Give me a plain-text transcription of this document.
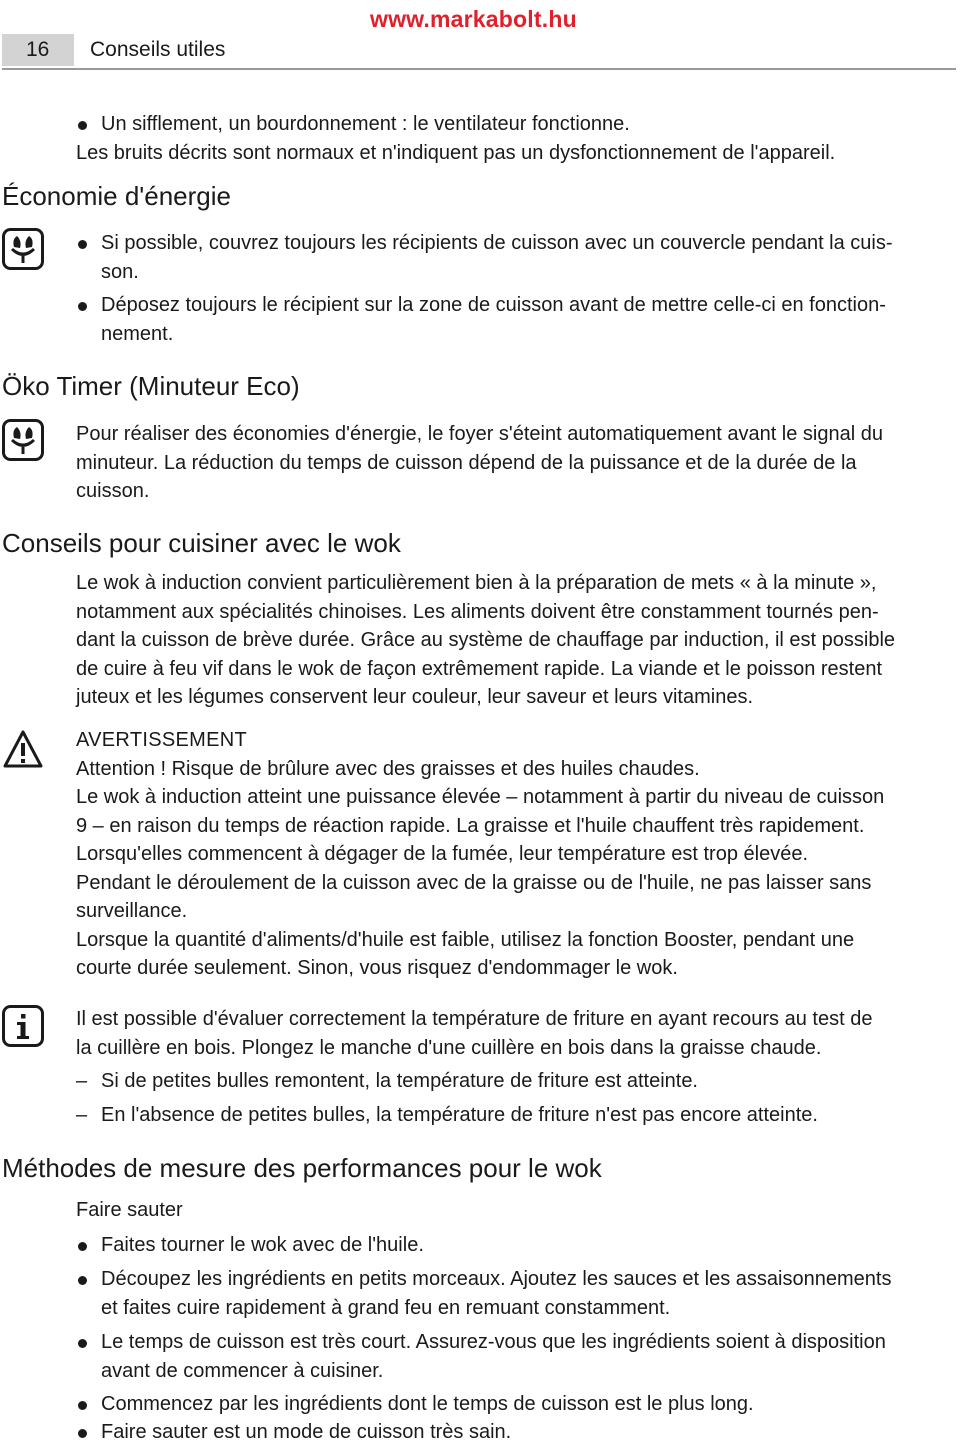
www.markabolt.hu
16	Conseils utiles
Un sifflement, un bourdonnement : le ventilateur fonctionne.
Les bruits décrits sont normaux et n'indiquent pas un dysfonctionnement de l'appareil.
Économie d'énergie
Si possible, couvrez toujours les récipients de cuisson avec un couvercle pendant la cuis-
son.
Déposez toujours le récipient sur la zone de cuisson avant de mettre celle-ci en fonction-
nement.
Öko Timer (Minuteur Eco)
Pour réaliser des économies d'énergie, le foyer s'éteint automatiquement avant le signal du
minuteur. La réduction du temps de cuisson dépend de la puissance et de la durée de la
cuisson.
Conseils pour cuisiner avec le wok
Le wok à induction convient particulièrement bien à la préparation de mets « à la minute »,
notamment aux spécialités chinoises. Les aliments doivent être constamment tournés pen-
dant la cuisson de brève durée. Grâce au système de chauffage par induction, il est possible
de cuire à feu vif dans le wok de façon extrêmement rapide. La viande et le poisson restent
juteux et les légumes conservent leur couleur, leur saveur et leurs vitamines.
AVERTISSEMENT
Attention ! Risque de brûlure avec des graisses et des huiles chaudes.
Le wok à induction atteint une puissance élevée – notamment à partir du niveau de cuisson
9 – en raison du temps de réaction rapide. La graisse et l'huile chauffent très rapidement.
Lorsqu'elles commencent à dégager de la fumée, leur température est trop élevée.
Pendant le déroulement de la cuisson avec de la graisse ou de l'huile, ne pas laisser sans
surveillance.
Lorsque la quantité d'aliments/d'huile est faible, utilisez la fonction Booster, pendant une
courte durée seulement. Sinon, vous risquez d'endommager le wok.
Il est possible d'évaluer correctement la température de friture en ayant recours au test de
la cuillère en bois. Plongez le manche d'une cuillère en bois dans la graisse chaude.
– Si de petites bulles remontent, la température de friture est atteinte.
– En l'absence de petites bulles, la température de friture n'est pas encore atteinte.
Méthodes de mesure des performances pour le wok
Faire sauter
Faites tourner le wok avec de l'huile.
Découpez les ingrédients en petits morceaux. Ajoutez les sauces et les assaisonnements
et faites cuire rapidement à grand feu en remuant constamment.
Le temps de cuisson est très court. Assurez-vous que les ingrédients soient à disposition
avant de commencer à cuisiner.
Commencez par les ingrédients dont le temps de cuisson est le plus long.
Faire sauter est un mode de cuisson très sain.
